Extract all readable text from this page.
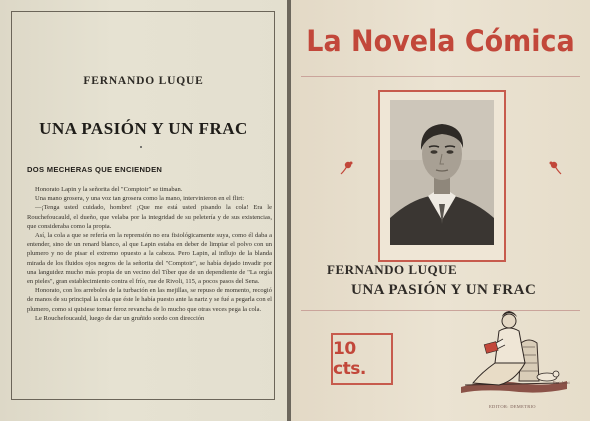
FERNANDO LUQUE
UNA PASIÓN Y UN FRAC
DOS MECHERAS QUE ENCIENDEN

Honorato Lapin y la señorita del "Comptoir" se timaban.

Una mano grosera, y una voz tan grosera como la mano, intervinieron en el flirt:

—¡Tenga usted cuidado, hombre! ¡Que me está usted pisando la cola! Era le Rouchefoucauld, el dueño, que velaba por la integridad de su peletería y de sus existencias, que consideraba como la propia.

Así, la cola a que se refería en la reprensión no era fisiológicamente suya, como él daba a entender, sino de un renard blanco, al que Lapin estaba en deber de limpiar el polvo con un plumero y no de pisar el extremo opuesto a la cabeza. Pero Lapin, al influjo de la blanda mirada de los fluidos ojos negros de la señorita del "Comptoir", se había dejado invadir por una languidez mucho más propia de un vecino del Tíber que de un dependiente de "La orgía en pieles", gran establecimiento contra el frío, rue de Rivoli, 115, a pocos pasos del Sena.

Honorato, con los arreboles de la turbación en las mejillas, se repuso de momento, recogió de manos de su principal la cola que éste le había puesto ante la nariz y se fué a pegarla con el plumero, como si quisiese tomar feroz revancha de lo mucho que otras veces pega la cola.

Le Rouchefoucauld, luego de dar un gruñido sordo con dirección

La Novela Cómica
FERNANDO LUQUE
UNA PASIÓN Y UN FRAC
10 cts.
Bartolozzi
EDITOR: DEMETRIO
